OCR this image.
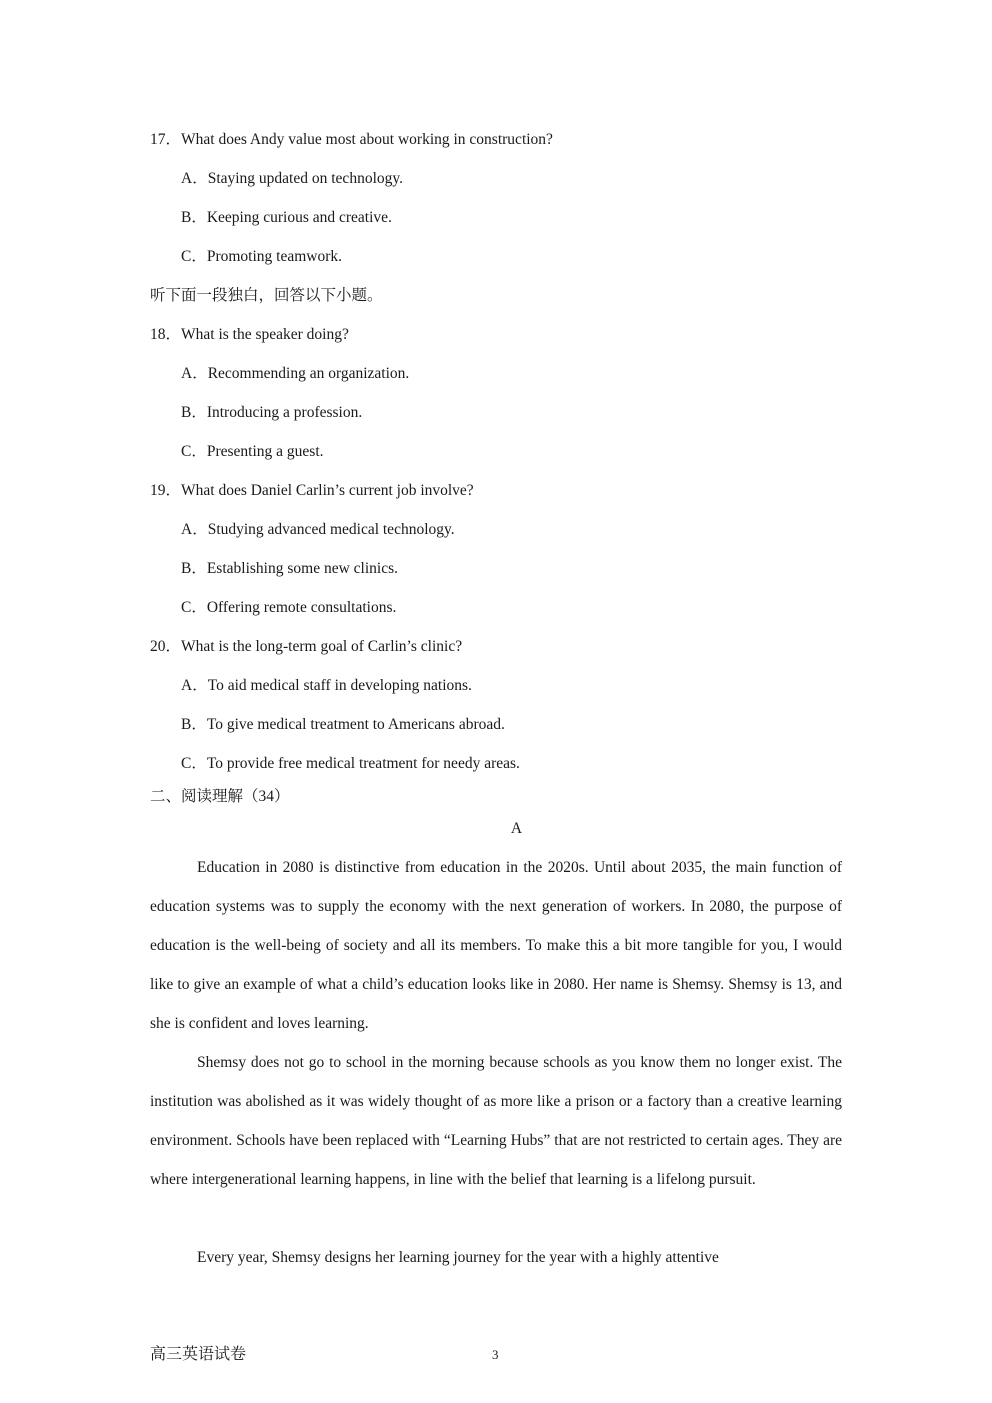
17．What does Andy value most about working in construction?
A．Staying updated on technology.
B．Keeping curious and creative.
C．Promoting teamwork.
听下面一段独白，回答以下小题。
18．What is the speaker doing?
A．Recommending an organization.
B．Introducing a profession.
C．Presenting a guest.
19．What does Daniel Carlin’s current job involve?
A．Studying advanced medical technology.
B．Establishing some new clinics.
C．Offering remote consultations.
20．What is the long-term goal of Carlin’s clinic?
A．To aid medical staff in developing nations.
B．To give medical treatment to Americans abroad.
C．To provide free medical treatment for needy areas.
二、阅读理解（34）
A
Education in 2080 is distinctive from education in the 2020s. Until about 2035, the main function of education systems was to supply the economy with the next generation of workers. In 2080, the purpose of education is the well-being of society and all its members. To make this a bit more tangible for you, I would like to give an example of what a child’s education looks like in 2080. Her name is Shemsy. Shemsy is 13, and she is confident and loves learning.
Shemsy does not go to school in the morning because schools as you know them no longer exist. The institution was abolished as it was widely thought of as more like a prison or a factory than a creative learning environment. Schools have been replaced with “Learning Hubs” that are not restricted to certain ages. They are where intergenerational learning happens, in line with the belief that learning is a lifelong pursuit.
Every year, Shemsy designs her learning journey for the year with a highly attentive
高三英语试卷	3
